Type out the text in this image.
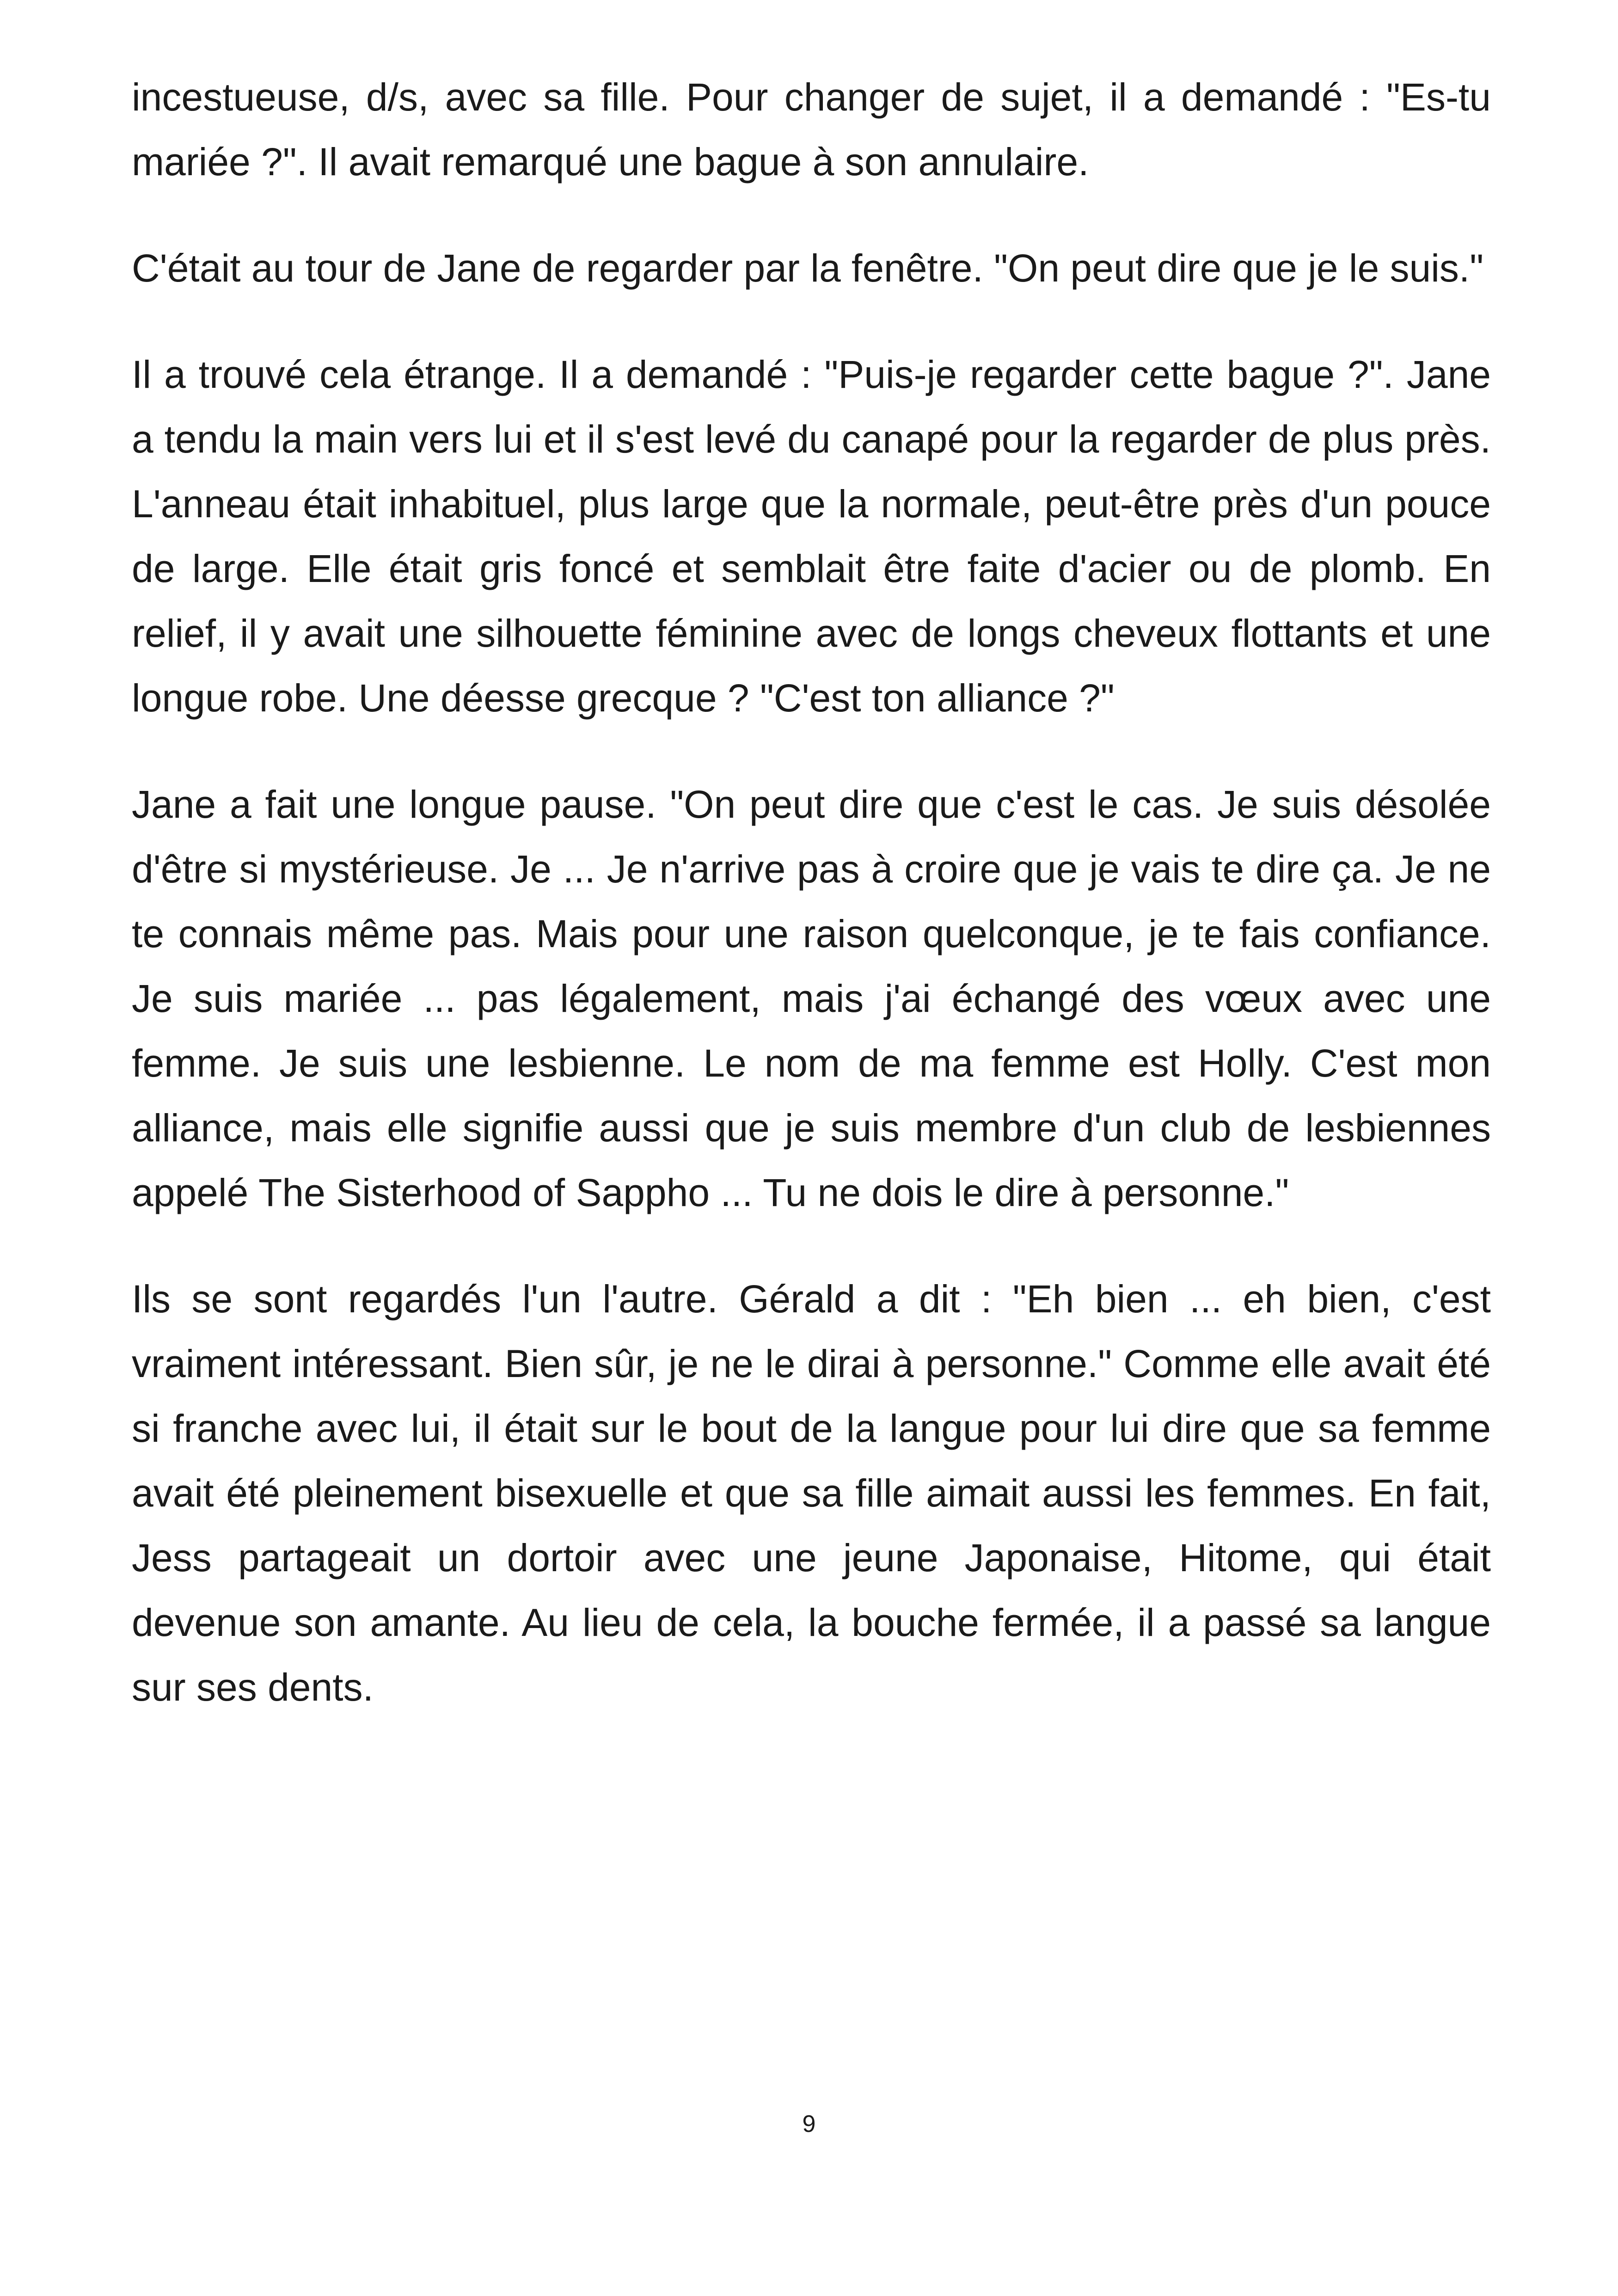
incestueuse, d/s, avec sa fille. Pour changer de sujet, il a demandé : "Es-tu mariée ?". Il avait remarqué une bague à son annulaire.

C'était au tour de Jane de regarder par la fenêtre. "On peut dire que je le suis."

Il a trouvé cela étrange. Il a demandé : "Puis-je regarder cette bague ?". Jane a tendu la main vers lui et il s'est levé du canapé pour la regarder de plus près. L'anneau était inhabituel, plus large que la normale, peut-être près d'un pouce de large. Elle était gris foncé et semblait être faite d'acier ou de plomb. En relief, il y avait une silhouette féminine avec de longs cheveux flottants et une longue robe. Une déesse grecque ? "C'est ton alliance ?"

Jane a fait une longue pause. "On peut dire que c'est le cas. Je suis désolée d'être si mystérieuse. Je ... Je n'arrive pas à croire que je vais te dire ça. Je ne te connais même pas. Mais pour une raison quelconque, je te fais confiance. Je suis mariée ... pas légalement, mais j'ai échangé des vœux avec une femme. Je suis une lesbienne. Le nom de ma femme est Holly. C'est mon alliance, mais elle signifie aussi que je suis membre d'un club de lesbiennes appelé The Sisterhood of Sappho ... Tu ne dois le dire à personne."

Ils se sont regardés l'un l'autre. Gérald a dit : "Eh bien ... eh bien, c'est vraiment intéressant. Bien sûr, je ne le dirai à personne." Comme elle avait été si franche avec lui, il était sur le bout de la langue pour lui dire que sa femme avait été pleinement bisexuelle et que sa fille aimait aussi les femmes. En fait, Jess partageait un dortoir avec une jeune Japonaise, Hitome, qui était devenue son amante. Au lieu de cela, la bouche fermée, il a passé sa langue sur ses dents.

9
